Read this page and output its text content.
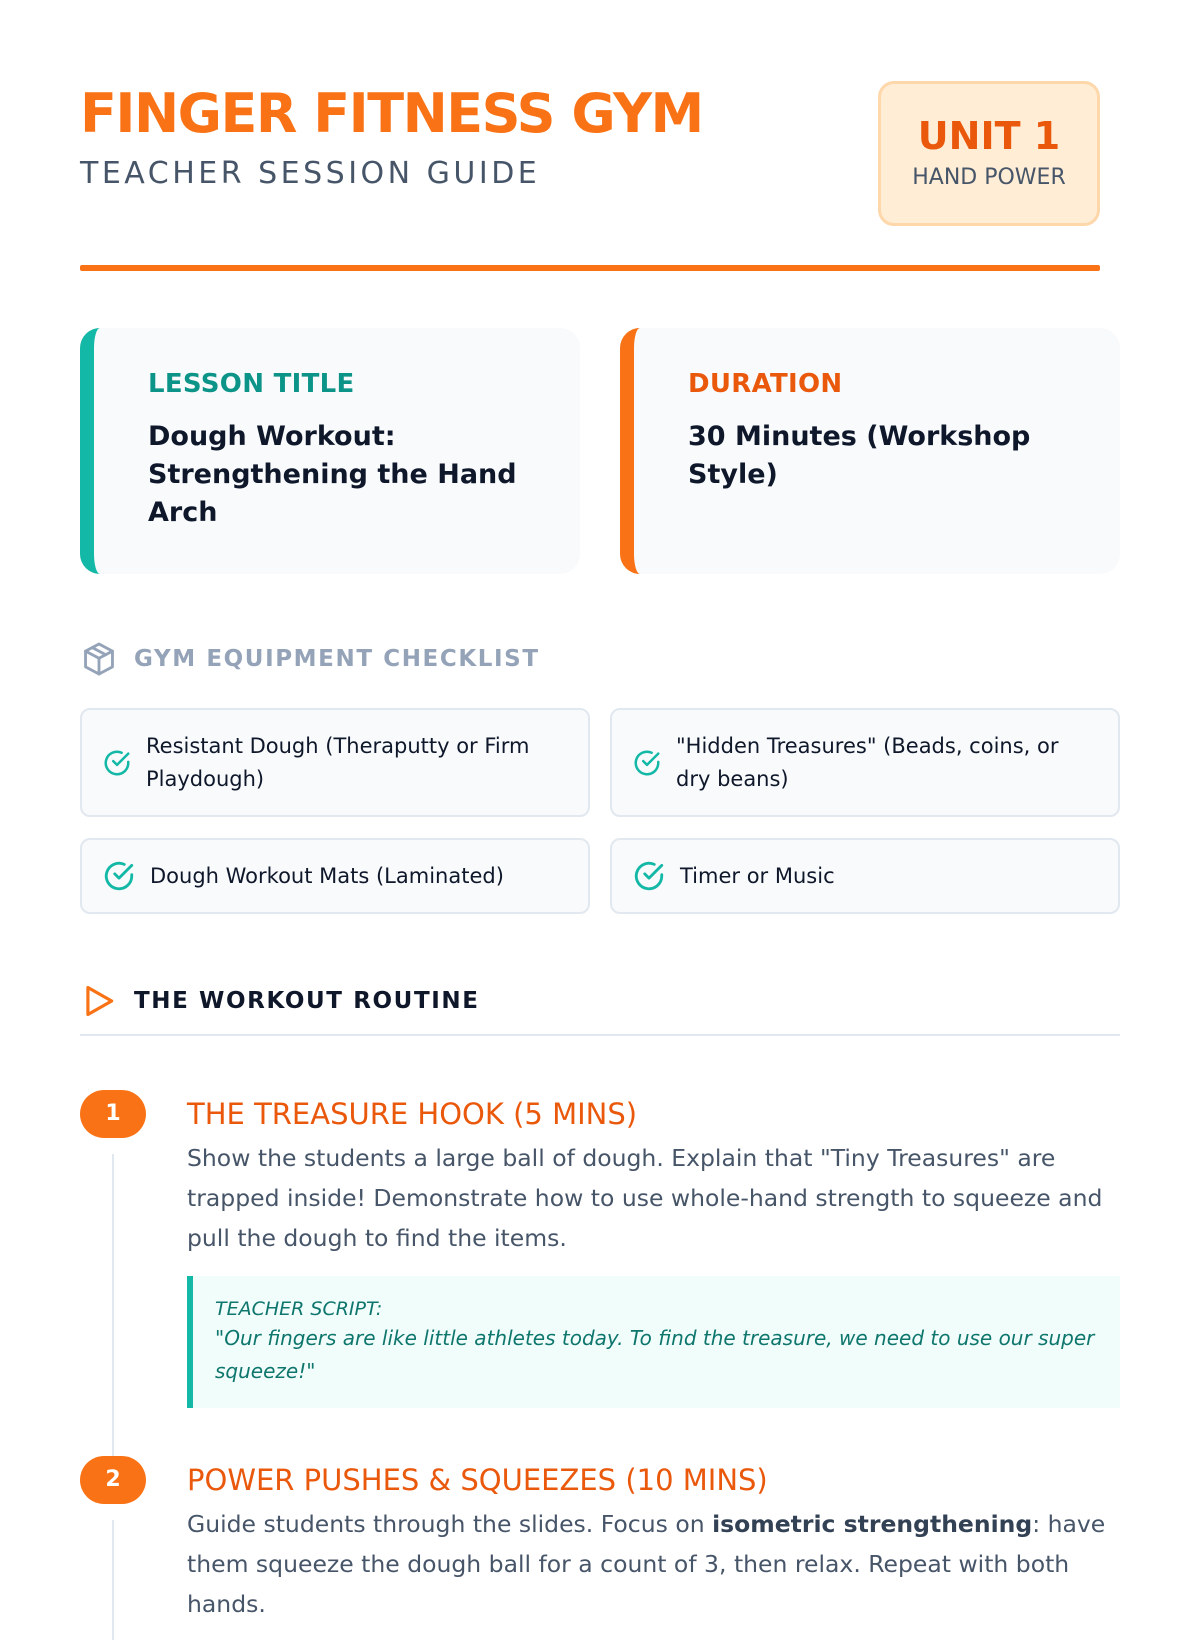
FINGER FITNESS GYM
TEACHER SESSION GUIDE
UNIT 1
HAND POWER
LESSON TITLE
Dough Workout: Strengthening the Hand Arch
DURATION
30 Minutes (Workshop Style)
GYM EQUIPMENT CHECKLIST
Resistant Dough (Theraputty or Firm Playdough)
"Hidden Treasures" (Beads, coins, or dry beans)
Dough Workout Mats (Laminated)	Timer or Music
THE WORKOUT ROUTINE
1	THE TREASURE HOOK (5 MINS)
Show the students a large ball of dough. Explain that "Tiny Treasures" are trapped inside! Demonstrate how to use whole-hand strength to squeeze and pull the dough to find the items.
TEACHER SCRIPT:
"Our fingers are like little athletes today. To find the treasure, we need to use our super squeeze!"
2	POWER PUSHES & SQUEEZES (10 MINS)
Guide students through the slides. Focus on isometric strengthening: have them squeeze the dough ball for a count of 3, then relax. Repeat with both hands.
